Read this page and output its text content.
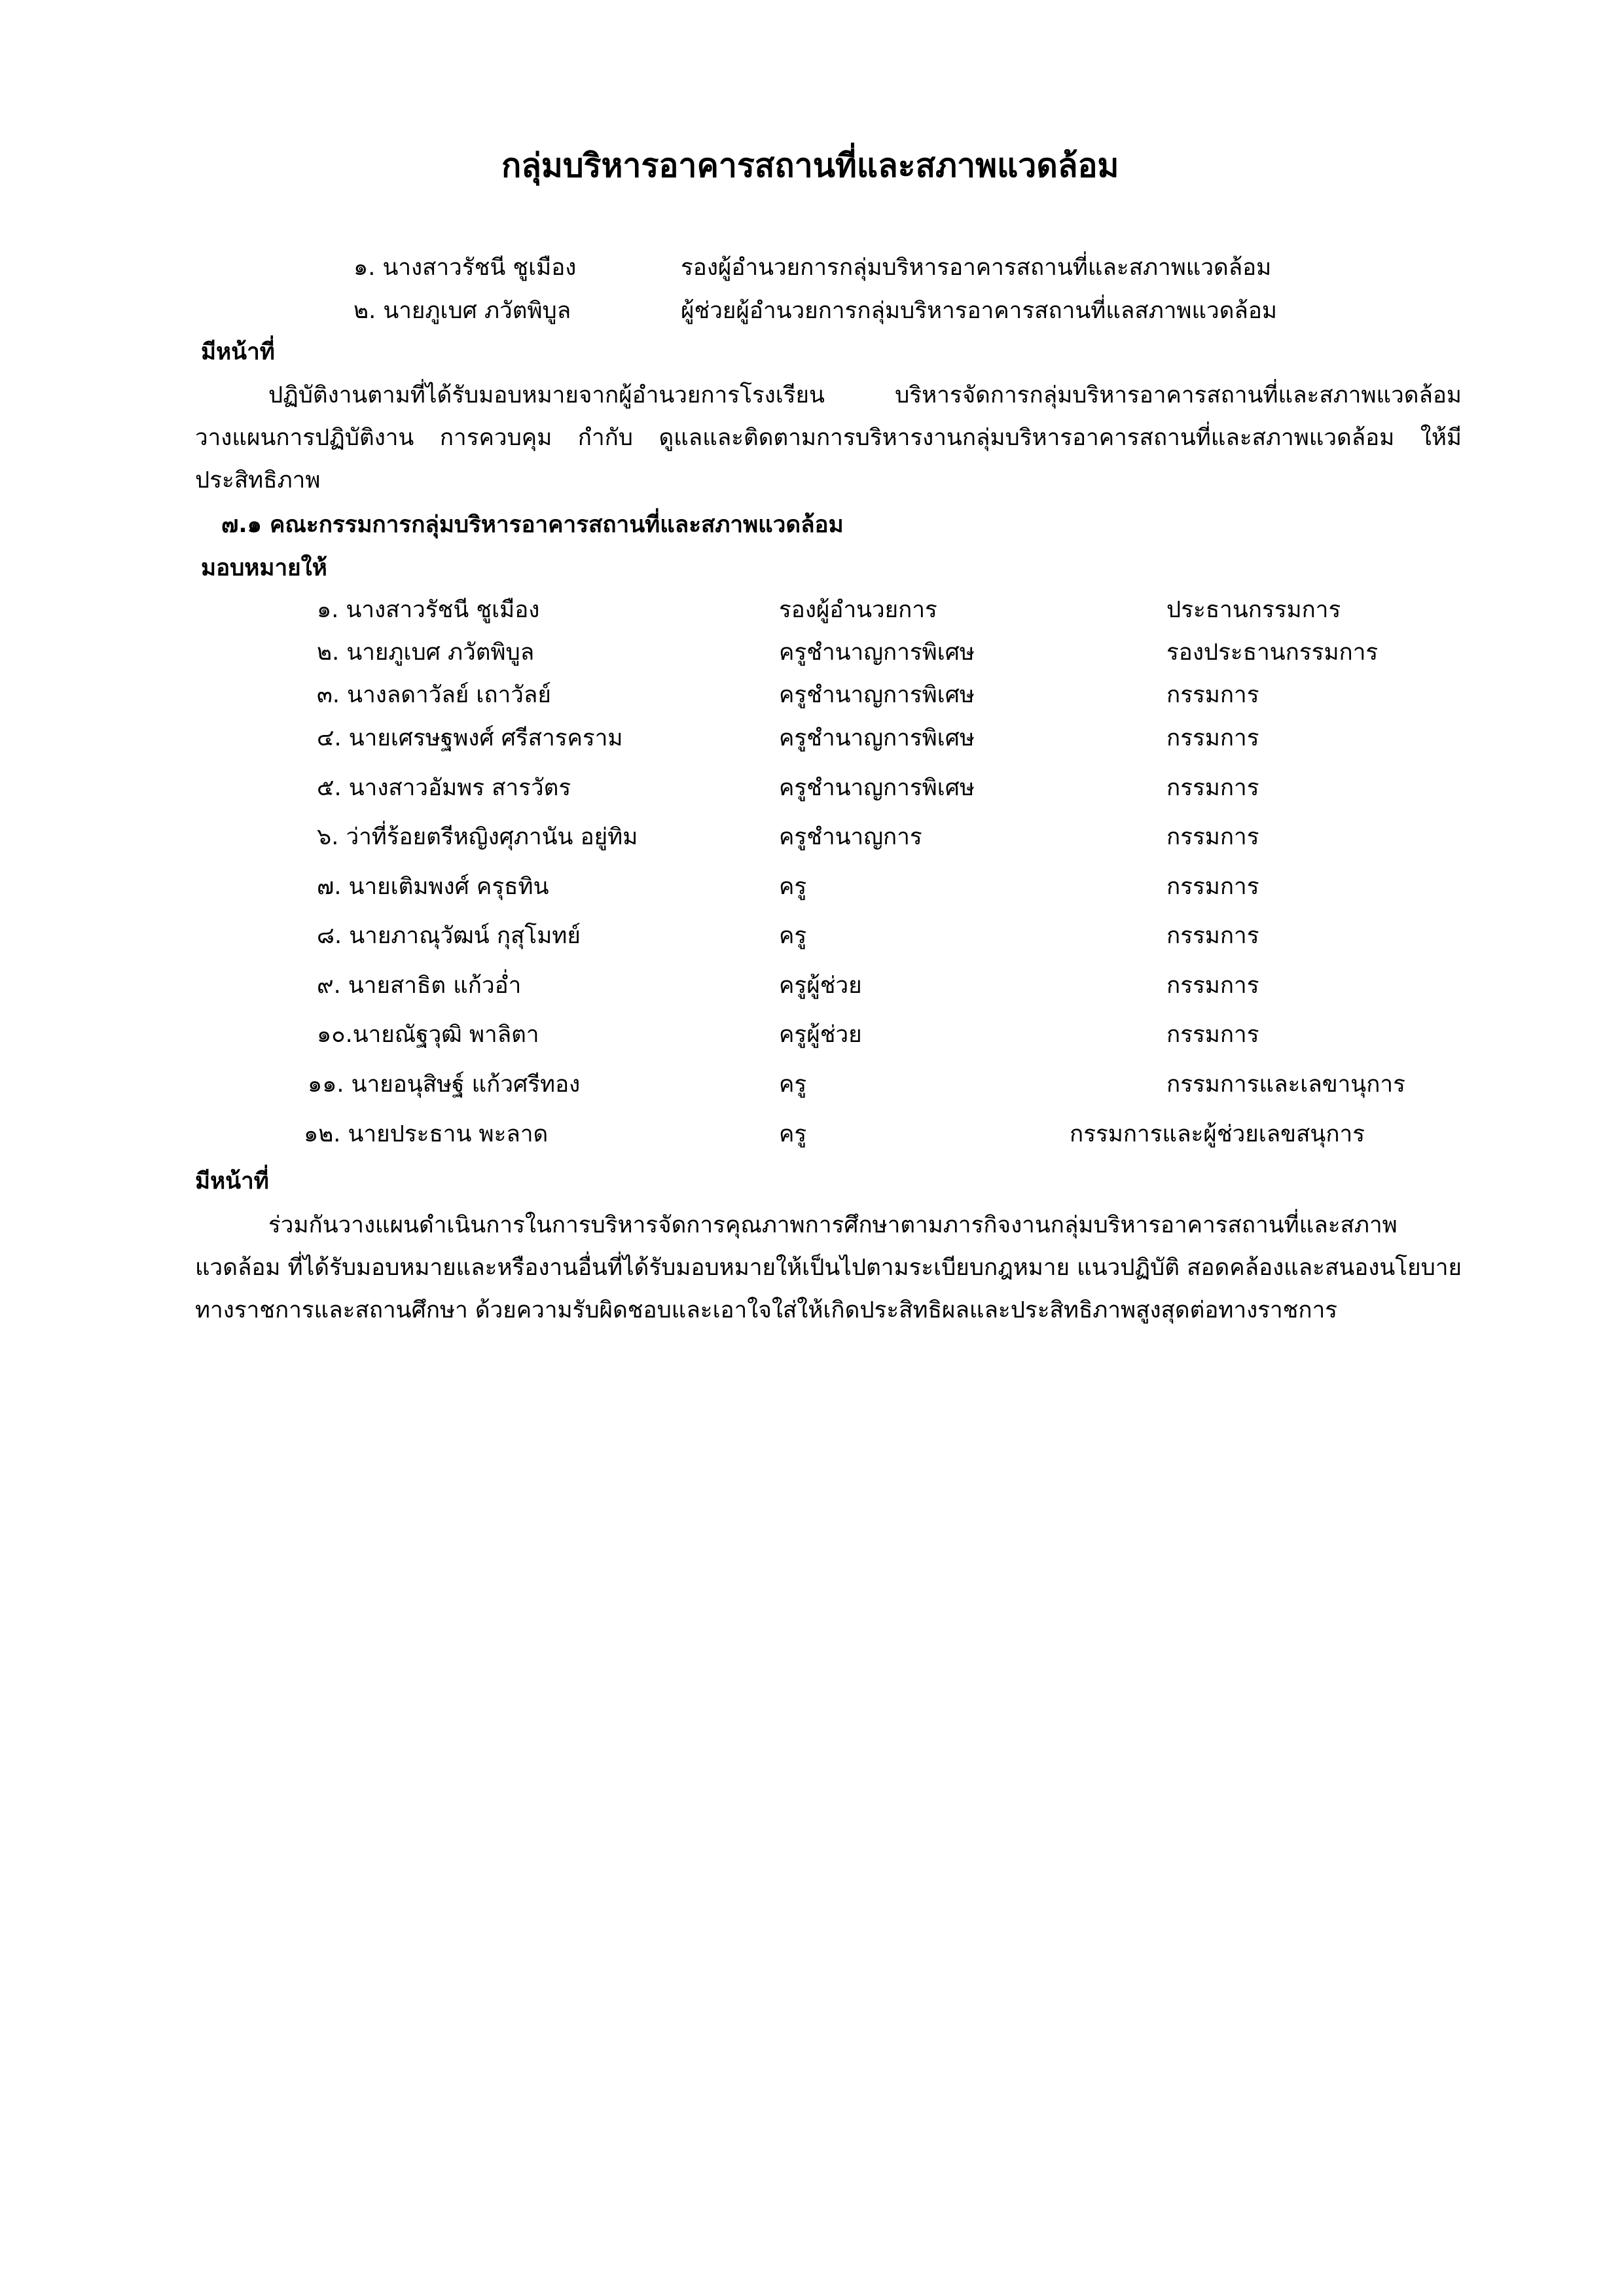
กลุ่มบริหารอาคารสถานที่และสภาพแวดล้อม
๑. นางสาวรัชนี ชูเมือง	รองผู้อำนวยการกลุ่มบริหารอาคารสถานที่และสภาพแวดล้อม
๒. นายภูเบศ ภวัตพิบูล	ผู้ช่วยผู้อำนวยการกลุ่มบริหารอาคารสถานที่แลสภาพแวดล้อม
มีหน้าที่
ปฏิบัติงานตามที่ได้รับมอบหมายจากผู้อำนวยการโรงเรียน บริหารจัดการกลุ่มบริหารอาคารสถานที่และสภาพแวดล้อม วางแผนการปฏิบัติงาน การควบคุม กำกับ ดูแลและติดตามการบริหารงานกลุ่มบริหารอาคารสถานที่และสภาพแวดล้อม ให้มีประสิทธิภาพ
๗.๑ คณะกรรมการกลุ่มบริหารอาคารสถานที่และสภาพแวดล้อม
มอบหมายให้
๑. นางสาวรัชนี ชูเมือง	รองผู้อำนวยการ	ประธานกรรมการ
๒. นายภูเบศ ภวัตพิบูล	ครูชำนาญการพิเศษ	รองประธานกรรมการ
๓. นางลดาวัลย์ เถาวัลย์	ครูชำนาญการพิเศษ	กรรมการ
๔. นายเศรษฐพงศ์ ศรีสารคราม	ครูชำนาญการพิเศษ	กรรมการ
๕. นางสาวอัมพร สารวัตร	ครูชำนาญการพิเศษ	กรรมการ
๖. ว่าที่ร้อยตรีหญิงศุภานัน อยู่ทิม	ครูชำนาญการ	กรรมการ
๗. นายเติมพงศ์ ครุธทิน	ครู	กรรมการ
๘. นายภาณุวัฒน์ กุสุโมทย์	ครู	กรรมการ
๙. นายสาธิต แก้วอ่ำ	ครูผู้ช่วย	กรรมการ
๑๐.นายณัฐวุฒิ พาลิตา	ครูผู้ช่วย	กรรมการ
๑๑. นายอนุสิษฐ์ แก้วศรีทอง	ครู	กรรมการและเลขานุการ
๑๒. นายประธาน พะลาด	ครู	กรรมการและผู้ช่วยเลขสนุการ
มีหน้าที่
ร่วมกันวางแผนดำเนินการในการบริหารจัดการคุณภาพการศึกษาตามภารกิจงานกลุ่มบริหารอาคารสถานที่และสภาพแวดล้อม ที่ได้รับมอบหมายและหรืองานอื่นที่ได้รับมอบหมายให้เป็นไปตามระเบียบกฎหมาย แนวปฏิบัติ สอดคล้องและสนองนโยบายทางราชการและสถานศึกษา ด้วยความรับผิดชอบและเอาใจใส่ให้เกิดประสิทธิผลและประสิทธิภาพสูงสุดต่อทางราชการ
